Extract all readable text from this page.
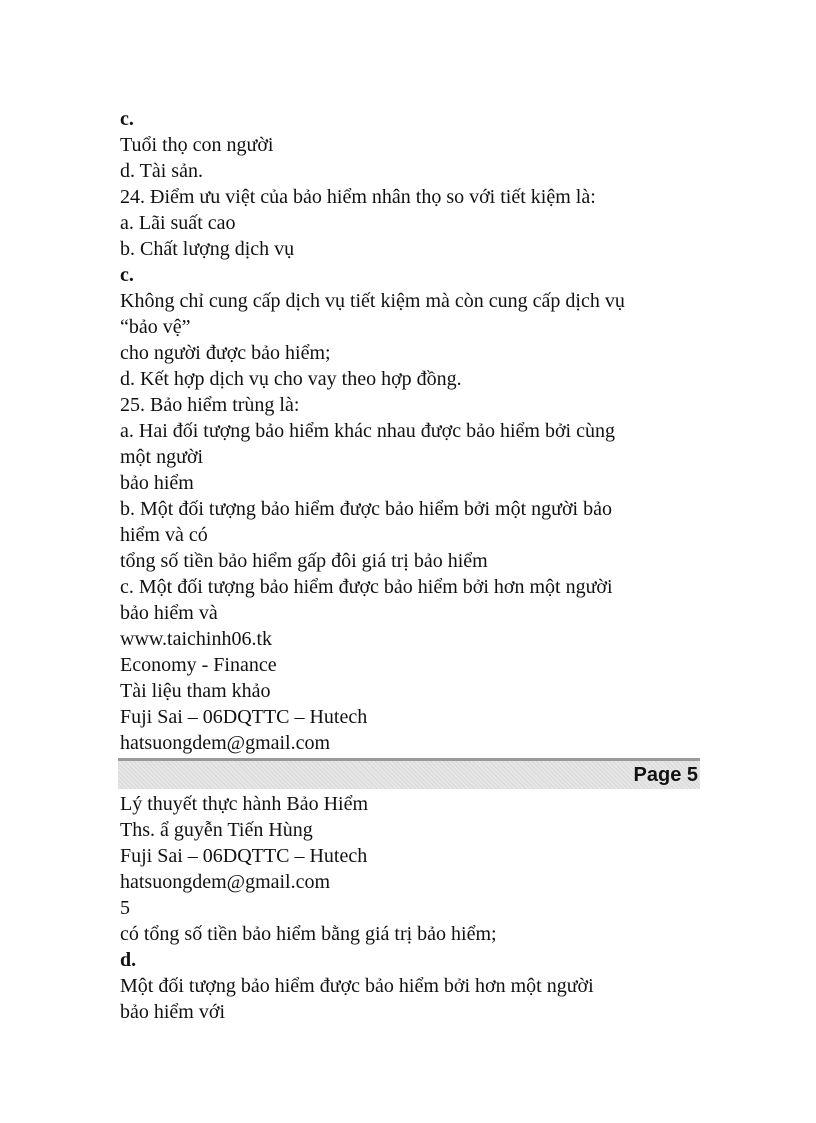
c.
Tuổi thọ con người
d. Tài sản.
24. Điểm ưu việt của bảo hiểm nhân thọ so với tiết kiệm là:
a. Lãi suất cao
b. Chất lượng dịch vụ
c.
Không chỉ cung cấp dịch vụ tiết kiệm mà còn cung cấp dịch vụ
“bảo vệ”
cho người được bảo hiểm;
d. Kết hợp dịch vụ cho vay theo hợp đồng.
25. Bảo hiểm trùng là:
a. Hai đối tượng bảo hiểm khác nhau được bảo hiểm bởi cùng
một người
bảo hiểm
b. Một đối tượng bảo hiểm được bảo hiểm bởi một người bảo
hiểm và có
tổng số tiền bảo hiểm gấp đôi giá trị bảo hiểm
c. Một đối tượng bảo hiểm được bảo hiểm bởi hơn một người
bảo hiểm và
www.taichinh06.tk
Economy - Finance
Tài liệu tham khảo
Fuji Sai – 06DQTTC – Hutech
hatsuongdem@gmail.com
Page 5
Lý thuyết thực hành Bảo Hiểm
Ths. ẩ guyễn Tiến Hùng
Fuji Sai – 06DQTTC – Hutech
hatsuongdem@gmail.com
5
có tổng số tiền bảo hiểm bằng giá trị bảo hiểm;
d.
Một đối tượng bảo hiểm được bảo hiểm bởi hơn một người
bảo hiểm với
